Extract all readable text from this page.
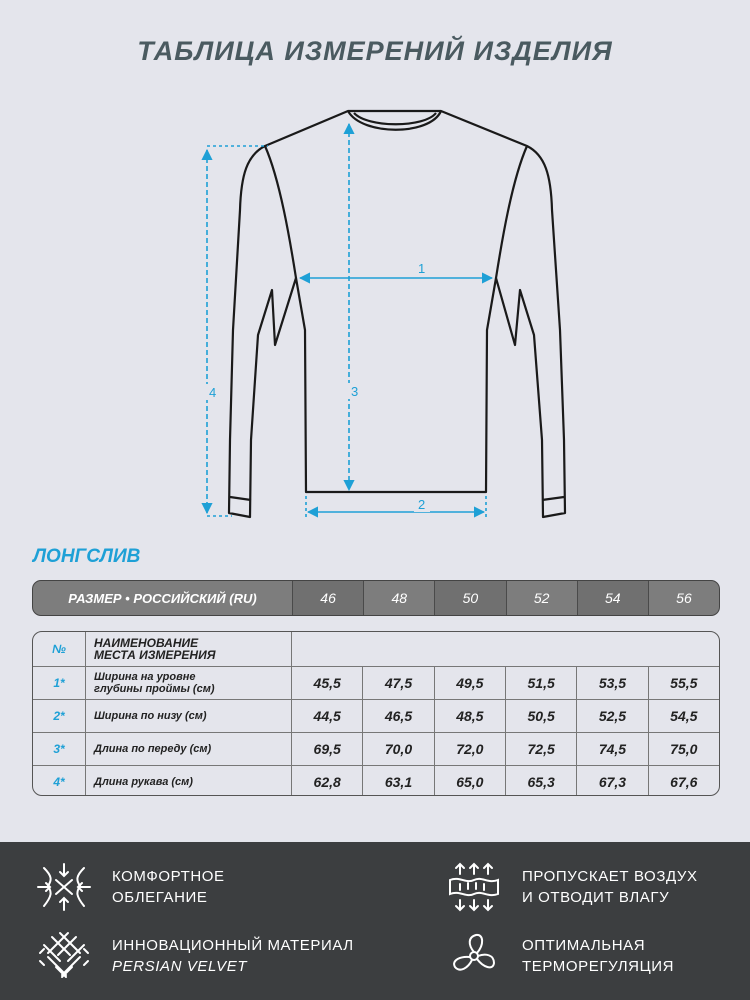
ТАБЛИЦА ИЗМЕРЕНИЙ ИЗДЕЛИЯ
1
2
3
4
ЛОНГСЛИВ
РАЗМЕР • РОССИЙСКИЙ (RU)	46	48	50	52	54	56
№	НАИМЕНОВАНИЕ
МЕСТА ИЗМЕРЕНИЯ
1*	Ширина на уровне
глубины проймы (см)	45,5	47,5	49,5	51,5	53,5	55,5
2*	Ширина по низу (см)	44,5	46,5	48,5	50,5	52,5	54,5
3*	Длина по переду (см)	69,5	70,0	72,0	72,5	74,5	75,0
4*	Длина рукава (см)	62,8	63,1	65,0	65,3	67,3	67,6
КОМФОРТНОЕ
ОБЛЕГАНИЕ
ПРОПУСКАЕТ ВОЗДУХ
И ОТВОДИТ ВЛАГУ
ИННОВАЦИОННЫЙ МАТЕРИАЛ
PERSIAN VELVET
ОПТИМАЛЬНАЯ
ТЕРМОРЕГУЛЯЦИЯ
